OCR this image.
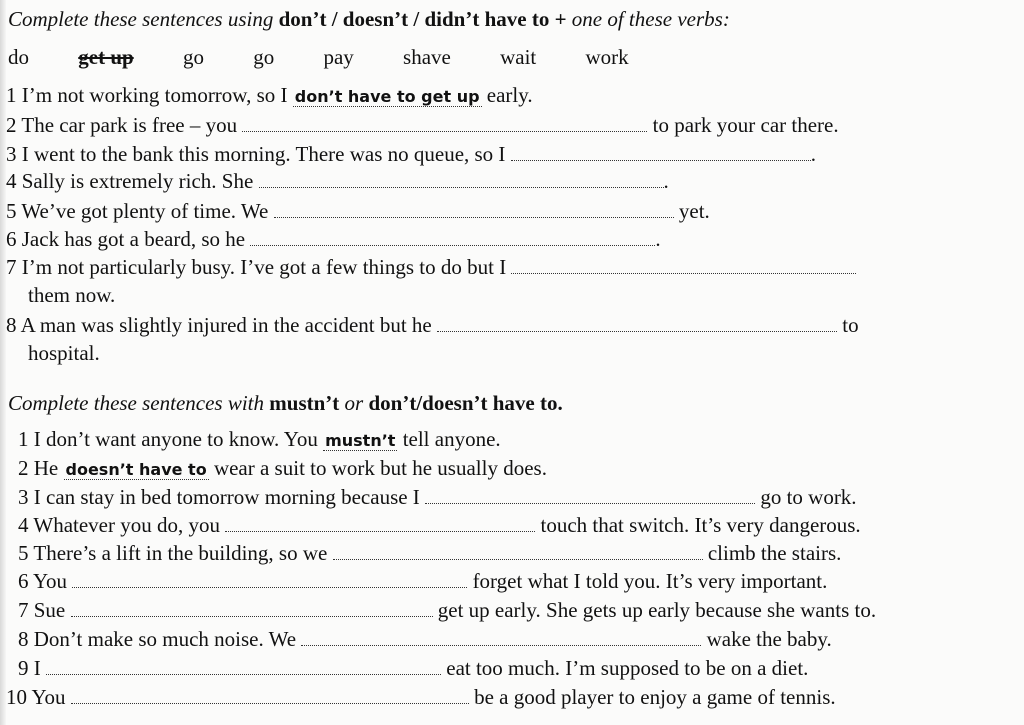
Complete these sentences using don’t / doesn’t / didn’t have to + one of these verbs:
do get up go go pay shave wait work
1 I’m not working tomorrow, so I don’t have to get up early.
2 The car park is free – you	to park your car there.
3 I went to the bank this morning. There was no queue, so I	.
4 Sally is extremely rich. She	.
5 We’ve got plenty of time. We	yet.
6 Jack has got a beard, so he	.
7 I’m not particularly busy. I’ve got a few things to do but I
them now.
8 A man was slightly injured in the accident but he	to
hospital.
Complete these sentences with mustn’t or don’t/doesn’t have to.
1 I don’t want anyone to know. You mustn’t tell anyone.
2 He doesn’t have to wear a suit to work but he usually does.
3 I can stay in bed tomorrow morning because I	go to work.
4 Whatever you do, you	touch that switch. It’s very dangerous.
5 There’s a lift in the building, so we	climb the stairs.
6 You	forget what I told you. It’s very important.
7 Sue	get up early. She gets up early because she wants to.
8 Don’t make so much noise. We	wake the baby.
9 I	eat too much. I’m supposed to be on a diet.
10 You	be a good player to enjoy a game of tennis.
